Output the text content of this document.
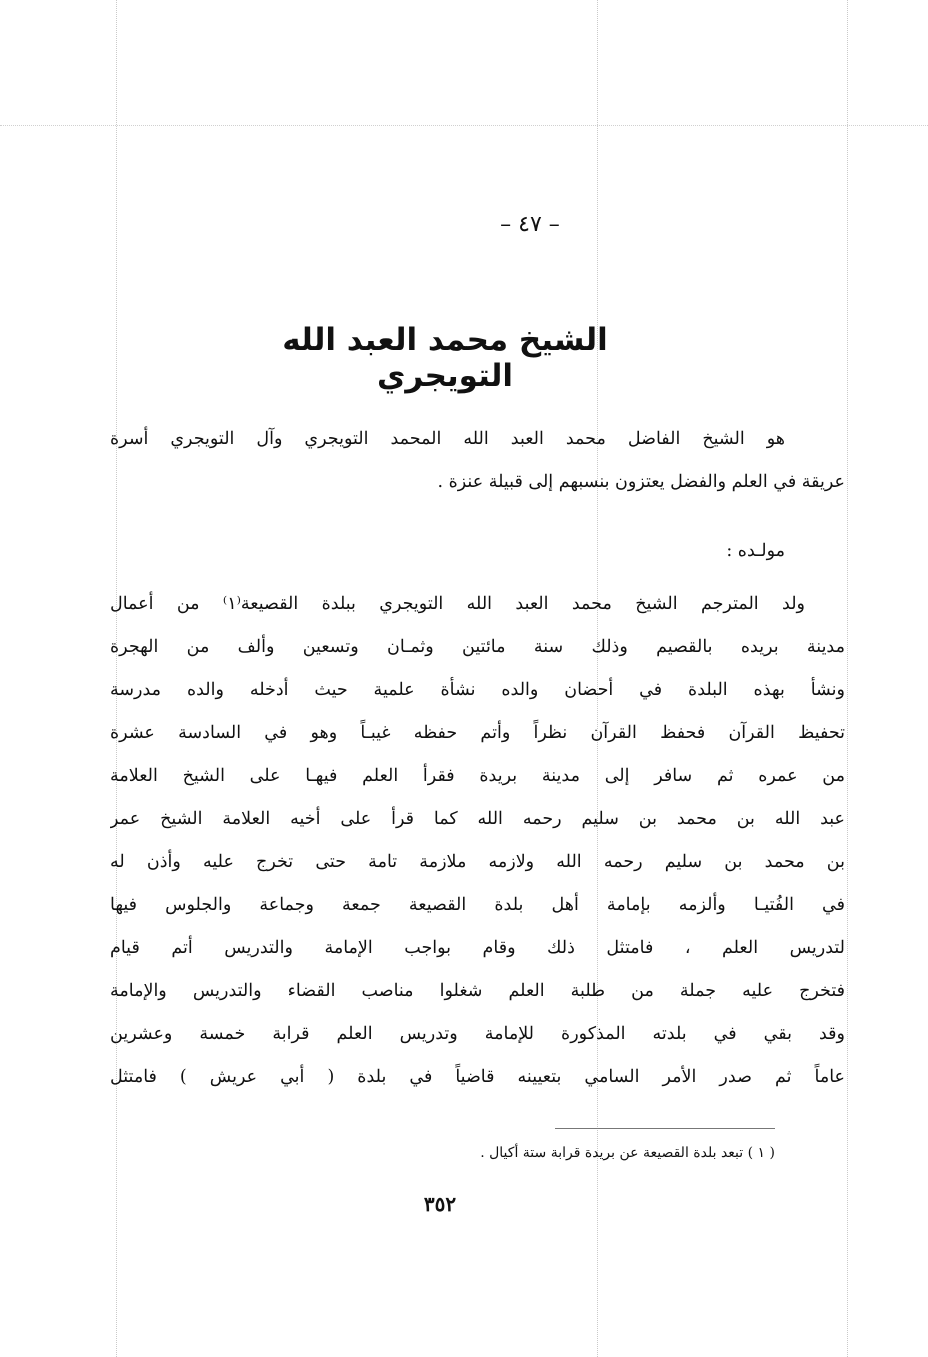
– ٤٧ –
الشيخ محمد العبد الله التويجري
هو الشيخ الفاضل محمد العبد الله المحمد التويجري وآل التويجري أسرة
عريقة في العلم والفضل يعتزون بنسبهم إلى قبيلة عنزة .
مولـده :
ولد المترجم الشيخ محمد العبد الله التويجري ببلدة القصيعة⁽١⁾ من أعمال
مدينة بريده بالقصيم وذلك سنة مائتين وثمـان وتسعين وألف من الهجرة
ونشأ بهذه البلدة في أحضان والده نشأة علمية حيث أدخله والده مدرسة
تحفيظ القرآن فحفظ القرآن نظراً وأتم حفظه غيبـاً وهو في السادسة عشرة
من عمره ثم سافر إلى مدينة بريدة فقرأ العلم فيهـا على الشيخ العلامة
عبد الله بن محمد بن سليم رحمه الله كما قرأ على أخيه العلامة الشيخ عمر
بن محمد بن سليم رحمه الله ولازمه ملازمة تامة حتى تخرج عليه وأذن له
في الفُتيـا وألزمه بإمامة أهل بلدة القصيعة جمعة وجماعة والجلوس فيها
لتدريس العلم ، فامتثل ذلك وقام بواجب الإمامة والتدريس أتم قيام
فتخرج عليه جملة من طلبة العلم شغلوا مناصب القضاء والتدريس والإمامة
وقد بقي في بلدته المذكورة للإمامة وتدريس العلم قرابة خمسة وعشرين
عاماً ثم صدر الأمر السامي بتعيينه قاضياً في بلدة ( أبي عريش ) فامتثل
( ١ ) تبعد بلدة القصيعة عن بريدة قرابة ستة أكيال .
٣٥٢
